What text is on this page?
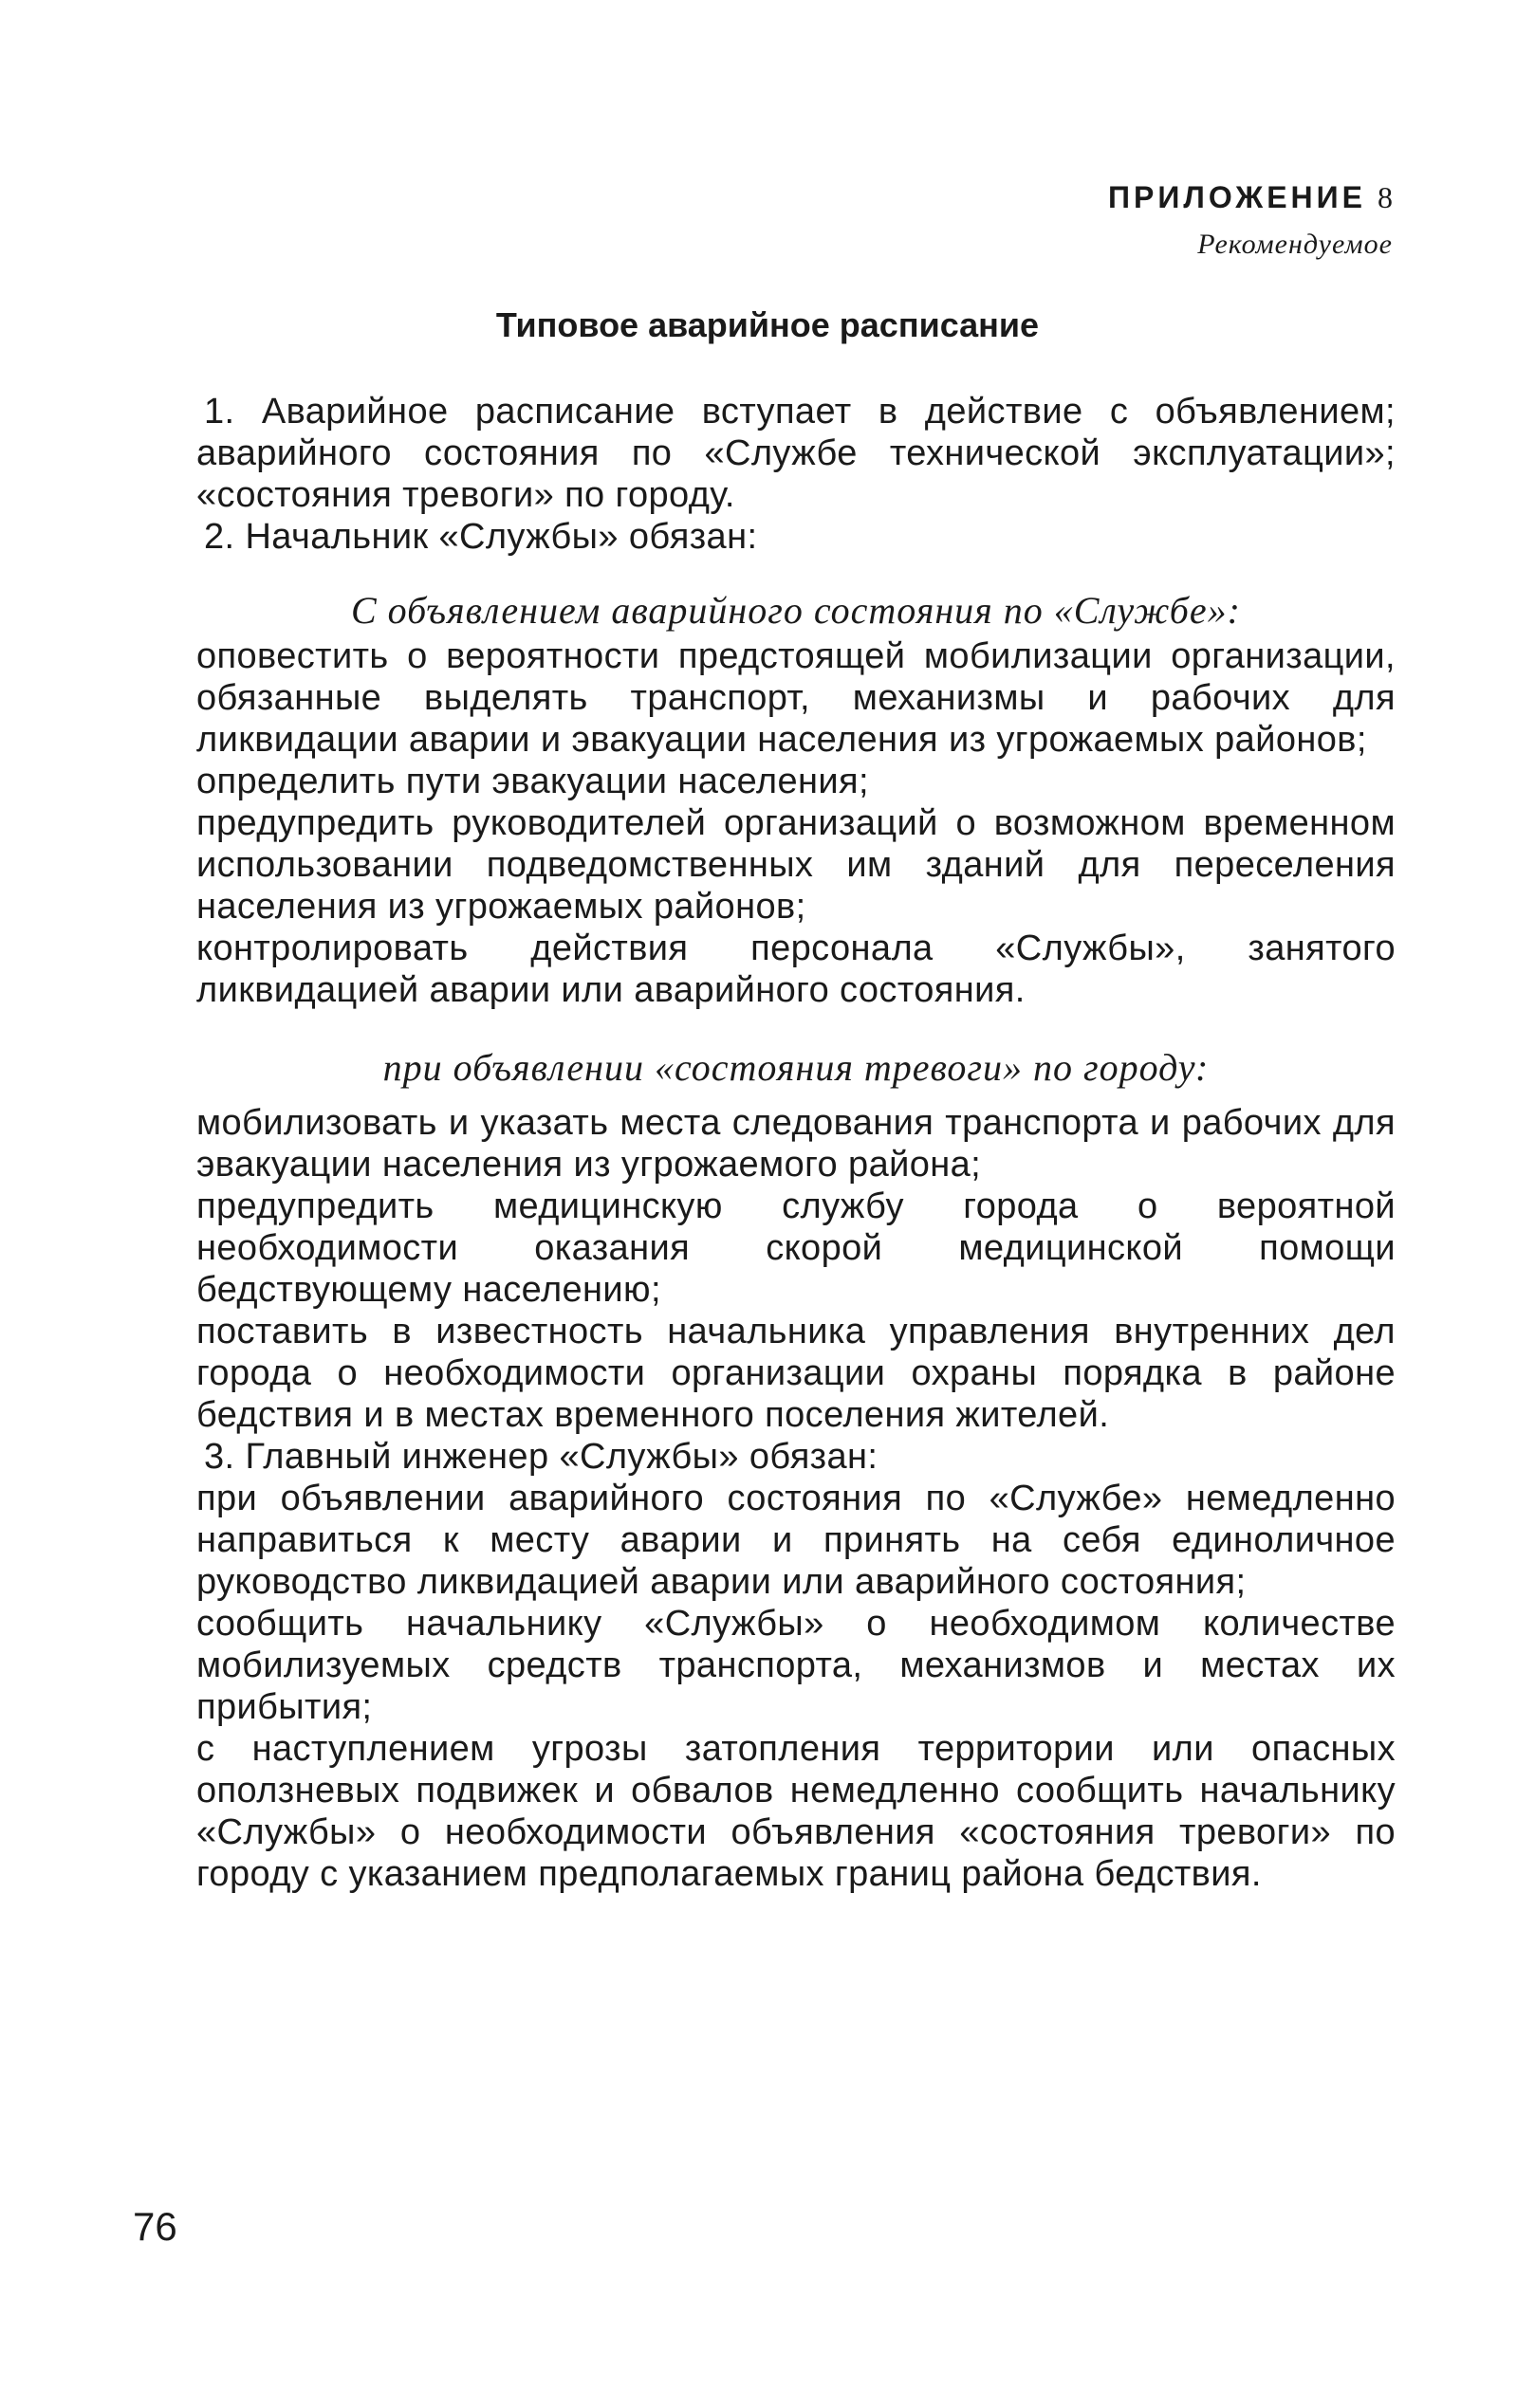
ПРИЛОЖЕНИЕ 8
Рекомендуемое
Типовое аварийное расписание

1. Аварийное расписание вступает в действие с объявлением; аварийного состояния по «Службе технической эксплуатации»; «состояния тревоги» по городу.

2. Начальник «Службы» обязан:

С объявлением аварийного состояния по «Службе»:

оповестить о вероятности предстоящей мобилизации организации, обязанные выделять транспорт, механизмы и рабочих для ликвидации аварии и эвакуации населения из угрожаемых районов;

определить пути эвакуации населения;

предупредить руководителей организаций о возможном временном использовании подведомственных им зданий для переселения населения из угрожаемых районов;

контролировать действия персонала «Службы», занятого ликвидацией аварии или аварийного состояния.

при объявлении «состояния тревоги» по городу:

мобилизовать и указать места следования транспорта и рабочих для эвакуации населения из угрожаемого района;

предупредить медицинскую службу города о вероятной необходимости оказания скорой медицинской помощи бедствующему населению;

поставить в известность начальника управления внутренних дел города о необходимости организации охраны порядка в районе бедствия и в местах временного поселения жителей.

3. Главный инженер «Службы» обязан:

при объявлении аварийного состояния по «Службе» немедленно направиться к месту аварии и принять на себя единоличное руководство ликвидацией аварии или аварийного состояния;

сообщить начальнику «Службы» о необходимом количестве мобилизуемых средств транспорта, механизмов и местах их прибытия;

с наступлением угрозы затопления территории или опасных оползневых подвижек и обвалов немедленно сообщить начальнику «Службы» о необходимости объявления «состояния тревоги» по городу с указанием предполагаемых границ района бедствия.

76
